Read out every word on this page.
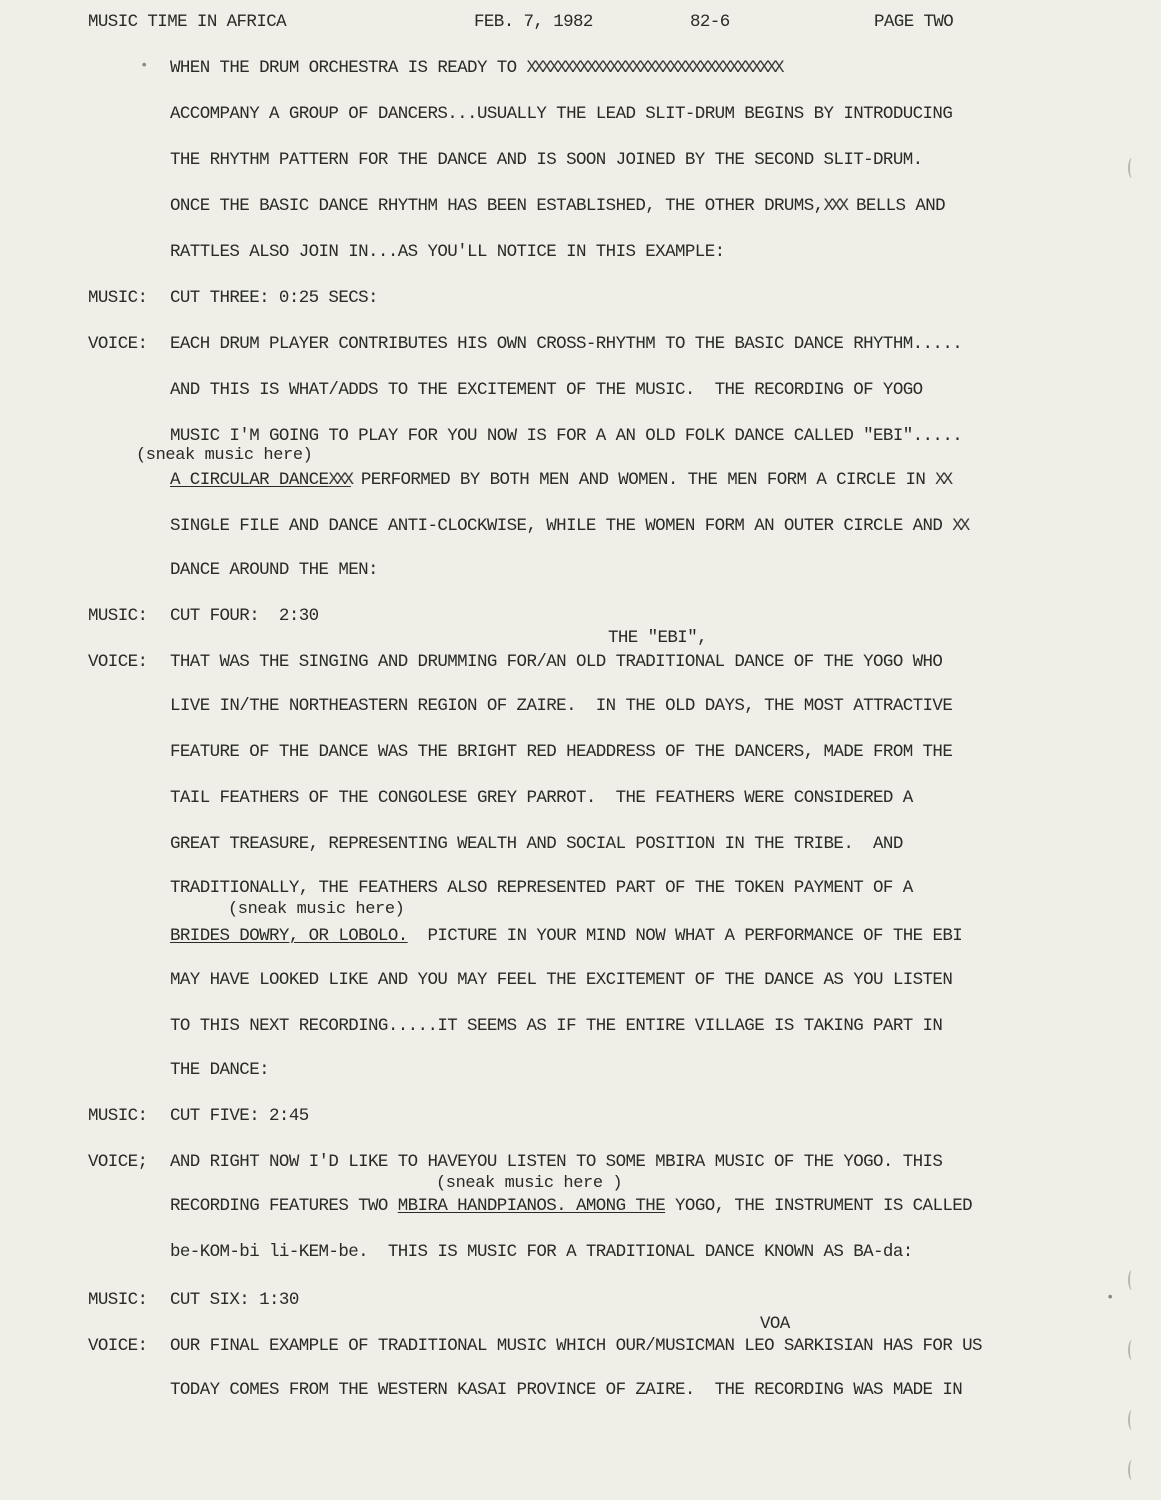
MUSIC TIME IN AFRICA	FEB. 7, 1982	82-6	PAGE TWO
WHEN THE DRUM ORCHESTRA IS READY TO XXXXXXXXXXXXXXXXXXXXXXXXXXXXXXXXXX
ACCOMPANY A GROUP OF DANCERS...USUALLY THE LEAD SLIT-DRUM BEGINS BY INTRODUCING
THE RHYTHM PATTERN FOR THE DANCE AND IS SOON JOINED BY THE SECOND SLIT-DRUM.
ONCE THE BASIC DANCE RHYTHM HAS BEEN ESTABLISHED, THE OTHER DRUMS,XXX BELLS AND
RATTLES ALSO JOIN IN...AS YOU'LL NOTICE IN THIS EXAMPLE:
MUSIC: CUT THREE: 0:25 SECS:
VOICE: EACH DRUM PLAYER CONTRIBUTES HIS OWN CROSS-RHYTHM TO THE BASIC DANCE RHYTHM.....
AND THIS IS WHAT/ADDS TO THE EXCITEMENT OF THE MUSIC.  THE RECORDING OF YOGO
MUSIC I'M GOING TO PLAY FOR YOU NOW IS FOR A AN OLD FOLK DANCE CALLED "EBI".....
(sneak music here)
A CIRCULAR DANCEXXX PERFORMED BY BOTH MEN AND WOMEN. THE MEN FORM A CIRCLE IN XX
SINGLE FILE AND DANCE ANTI-CLOCKWISE, WHILE THE WOMEN FORM AN OUTER CIRCLE AND XX
DANCE AROUND THE MEN:
MUSIC: CUT FOUR:  2:30
THE "EBI",
VOICE: THAT WAS THE SINGING AND DRUMMING FOR/AN OLD TRADITIONAL DANCE OF THE YOGO WHO
LIVE IN/THE NORTHEASTERN REGION OF ZAIRE.  IN THE OLD DAYS, THE MOST ATTRACTIVE
FEATURE OF THE DANCE WAS THE BRIGHT RED HEADDRESS OF THE DANCERS, MADE FROM THE
TAIL FEATHERS OF THE CONGOLESE GREY PARROT.  THE FEATHERS WERE CONSIDERED A
GREAT TREASURE, REPRESENTING WEALTH AND SOCIAL POSITION IN THE TRIBE.  AND
TRADITIONALLY, THE FEATHERS ALSO REPRESENTED PART OF THE TOKEN PAYMENT OF A
(sneak music here)
BRIDES DOWRY, OR LOBOLO. PICTURE IN YOUR MIND NOW WHAT A PERFORMANCE OF THE EBI
MAY HAVE LOOKED LIKE AND YOU MAY FEEL THE EXCITEMENT OF THE DANCE AS YOU LISTEN
TO THIS NEXT RECORDING.....IT SEEMS AS IF THE ENTIRE VILLAGE IS TAKING PART IN
THE DANCE:
MUSIC: CUT FIVE: 2:45
VOICE; AND RIGHT NOW I'D LIKE TO HAVEYOU LISTEN TO SOME MBIRA MUSIC OF THE YOGO. THIS
(sneak music here )
RECORDING FEATURES TWO MBIRA HANDPIANOS. AMONG THE YOGO, THE INSTRUMENT IS CALLED
be-KOM-bi li-KEM-be.  THIS IS MUSIC FOR A TRADITIONAL DANCE KNOWN AS BA-da:
MUSIC: CUT SIX: 1:30
VOA
VOICE: OUR FINAL EXAMPLE OF TRADITIONAL MUSIC WHICH OUR/MUSICMAN LEO SARKISIAN HAS FOR US
TODAY COMES FROM THE WESTERN KASAI PROVINCE OF ZAIRE.  THE RECORDING WAS MADE IN
•
•
